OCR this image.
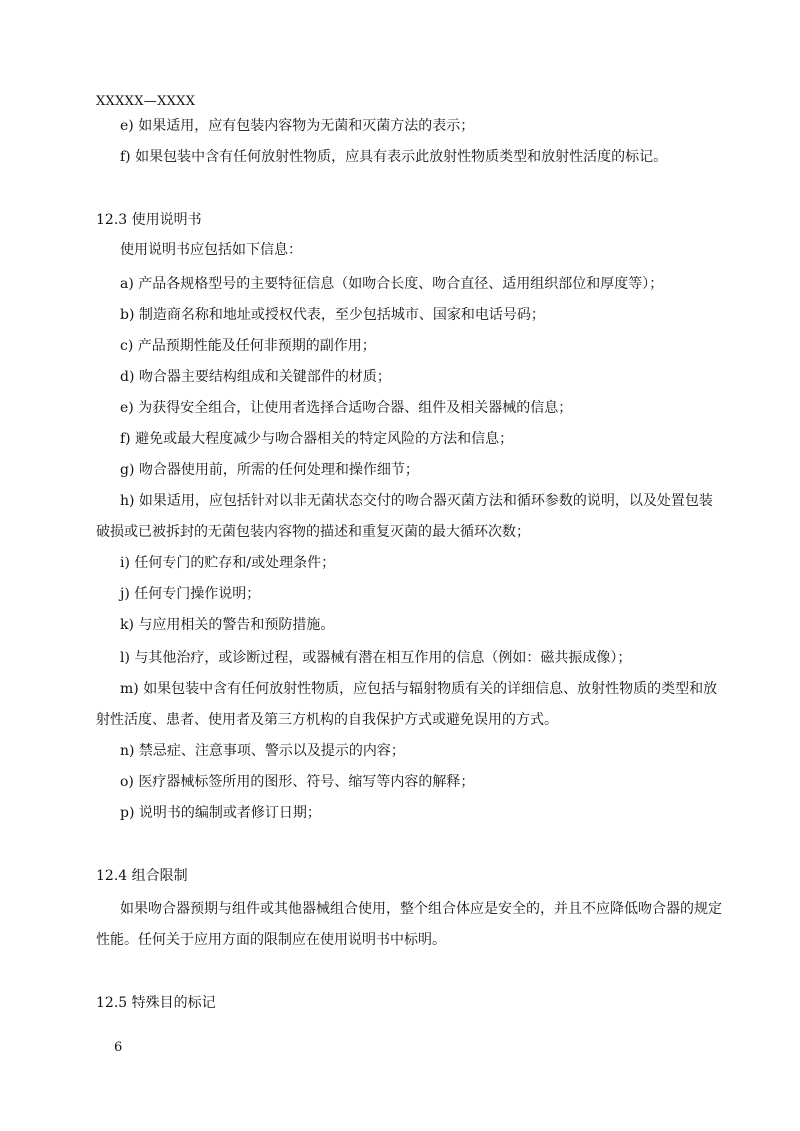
XXXXX—XXXX
e) 如果适用，应有包装内容物为无菌和灭菌方法的表示；
f) 如果包装中含有任何放射性物质，应具有表示此放射性物质类型和放射性活度的标记。
12.3 使用说明书
使用说明书应包括如下信息：
a) 产品各规格型号的主要特征信息（如吻合长度、吻合直径、适用组织部位和厚度等）；
b) 制造商名称和地址或授权代表，至少包括城市、国家和电话号码；
c) 产品预期性能及任何非预期的副作用；
d) 吻合器主要结构组成和关键部件的材质；
e) 为获得安全组合，让使用者选择合适吻合器、组件及相关器械的信息；
f) 避免或最大程度减少与吻合器相关的特定风险的方法和信息；
g) 吻合器使用前，所需的任何处理和操作细节；
h) 如果适用，应包括针对以非无菌状态交付的吻合器灭菌方法和循环参数的说明，以及处置包装
破损或已被拆封的无菌包装内容物的描述和重复灭菌的最大循环次数；
i) 任何专门的贮存和/或处理条件；
j) 任何专门操作说明；
k) 与应用相关的警告和预防措施。
l) 与其他治疗，或诊断过程，或器械有潜在相互作用的信息（例如：磁共振成像）；
m) 如果包装中含有任何放射性物质，应包括与辐射物质有关的详细信息、放射性物质的类型和放
射性活度、患者、使用者及第三方机构的自我保护方式或避免误用的方式。
n) 禁忌症、注意事项、警示以及提示的内容；
o) 医疗器械标签所用的图形、符号、缩写等内容的解释；
p) 说明书的编制或者修订日期；
12.4 组合限制
如果吻合器预期与组件或其他器械组合使用，整个组合体应是安全的，并且不应降低吻合器的规定
性能。任何关于应用方面的限制应在使用说明书中标明。
12.5 特殊目的标记
6
